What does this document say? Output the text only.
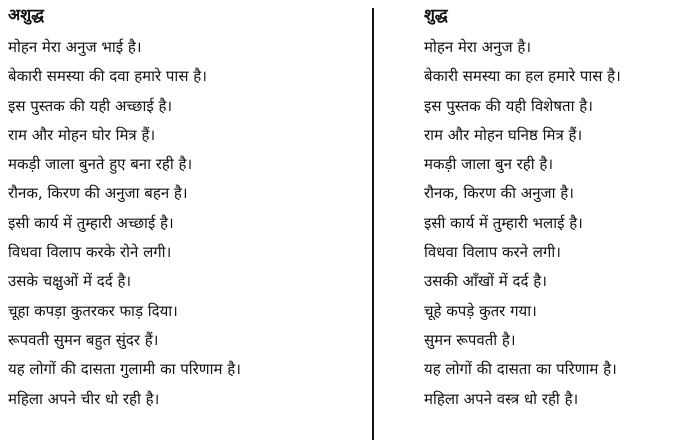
अशुद्ध
मोहन मेरा अनुज भाई है।
बेकारी समस्या की दवा हमारे पास है।
इस पुस्तक की यही अच्छाई है।
राम और मोहन घोर मित्र हैं।
मकड़ी जाला बुनते हुए बना रही है।
रौनक, किरण की अनुजा बहन है।
इसी कार्य में तुम्हारी अच्छाई है।
विधवा विलाप करके रोने लगी।
उसके चक्षुओं में दर्द है।
चूहा कपड़ा कुतरकर फाड़ दिया।
रूपवती सुमन बहुत सुंदर हैं।
यह लोगों की दासता गुलामी का परिणाम है।
महिला अपने चीर धो रही है।
शुद्ध
मोहन मेरा अनुज है।
बेकारी समस्या का हल हमारे पास है।
इस पुस्तक की यही विशेषता है।
राम और मोहन घनिष्ठ मित्र हैं।
मकड़ी जाला बुन रही है।
रौनक, किरण की अनुजा है।
इसी कार्य में तुम्हारी भलाई है।
विधवा विलाप करने लगी।
उसकी आँखों में दर्द है।
चूहे कपड़े कुतर गया।
सुमन रूपवती है।
यह लोगों की दासता का परिणाम है।
महिला अपने वस्त्र धो रही है।
